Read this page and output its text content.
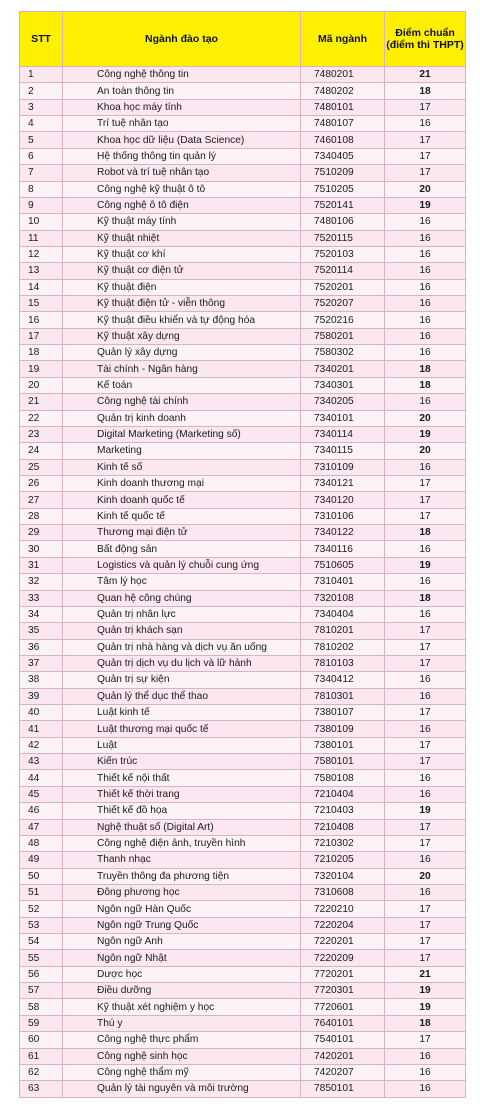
STT	Ngành đào tạo	Mã ngành	Điểm chuẩn
(điểm thi THPT)
1	Công nghệ thông tin	7480201	21
2	An toàn thông tin	7480202	18
3	Khoa học máy tính	7480101	17
4	Trí tuệ nhân tạo	7480107	16
5	Khoa học dữ liệu (Data Science)	7460108	17
6	Hệ thống thông tin quản lý	7340405	17
7	Robot và trí tuệ nhân tạo	7510209	17
8	Công nghệ kỹ thuật ô tô	7510205	20
9	Công nghệ ô tô điện	7520141	19
10	Kỹ thuật máy tính	7480106	16
11	Kỹ thuật nhiệt	7520115	16
12	Kỹ thuật cơ khí	7520103	16
13	Kỹ thuật cơ điện tử	7520114	16
14	Kỹ thuật điện	7520201	16
15	Kỹ thuật điện tử - viễn thông	7520207	16
16	Kỹ thuật điều khiển và tự động hóa	7520216	16
17	Kỹ thuật xây dựng	7580201	16
18	Quản lý xây dựng	7580302	16
19	Tài chính - Ngân hàng	7340201	18
20	Kế toán	7340301	18
21	Công nghệ tài chính	7340205	16
22	Quản trị kinh doanh	7340101	20
23	Digital Marketing (Marketing số)	7340114	19
24	Marketing	7340115	20
25	Kinh tế số	7310109	16
26	Kinh doanh thương mại	7340121	17
27	Kinh doanh quốc tế	7340120	17
28	Kinh tế quốc tế	7310106	17
29	Thương mại điện tử	7340122	18
30	Bất động sản	7340116	16
31	Logistics và quản lý chuỗi cung ứng	7510605	19
32	Tâm lý học	7310401	16
33	Quan hệ công chúng	7320108	18
34	Quản trị nhân lực	7340404	16
35	Quản trị khách sạn	7810201	17
36	Quản trị nhà hàng và dịch vụ ăn uống	7810202	17
37	Quản trị dịch vụ du lịch và lữ hành	7810103	17
38	Quản trị sự kiện	7340412	16
39	Quản lý thể dục thể thao	7810301	16
40	Luật kinh tế	7380107	17
41	Luật thương mại quốc tế	7380109	16
42	Luật	7380101	17
43	Kiến trúc	7580101	17
44	Thiết kế nội thất	7580108	16
45	Thiết kế thời trang	7210404	16
46	Thiết kế đồ họa	7210403	19
47	Nghệ thuật số (Digital Art)	7210408	17
48	Công nghệ điện ảnh, truyền hình	7210302	17
49	Thanh nhạc	7210205	16
50	Truyền thông đa phương tiện	7320104	20
51	Đông phương học	7310608	16
52	Ngôn ngữ Hàn Quốc	7220210	17
53	Ngôn ngữ Trung Quốc	7220204	17
54	Ngôn ngữ Anh	7220201	17
55	Ngôn ngữ Nhật	7220209	17
56	Dược học	7720201	21
57	Điều dưỡng	7720301	19
58	Kỹ thuật xét nghiệm y học	7720601	19
59	Thú y	7640101	18
60	Công nghệ thực phẩm	7540101	17
61	Công nghệ sinh học	7420201	16
62	Công nghệ thẩm mỹ	7420207	16
63	Quản lý tài nguyên và môi trường	7850101	16
